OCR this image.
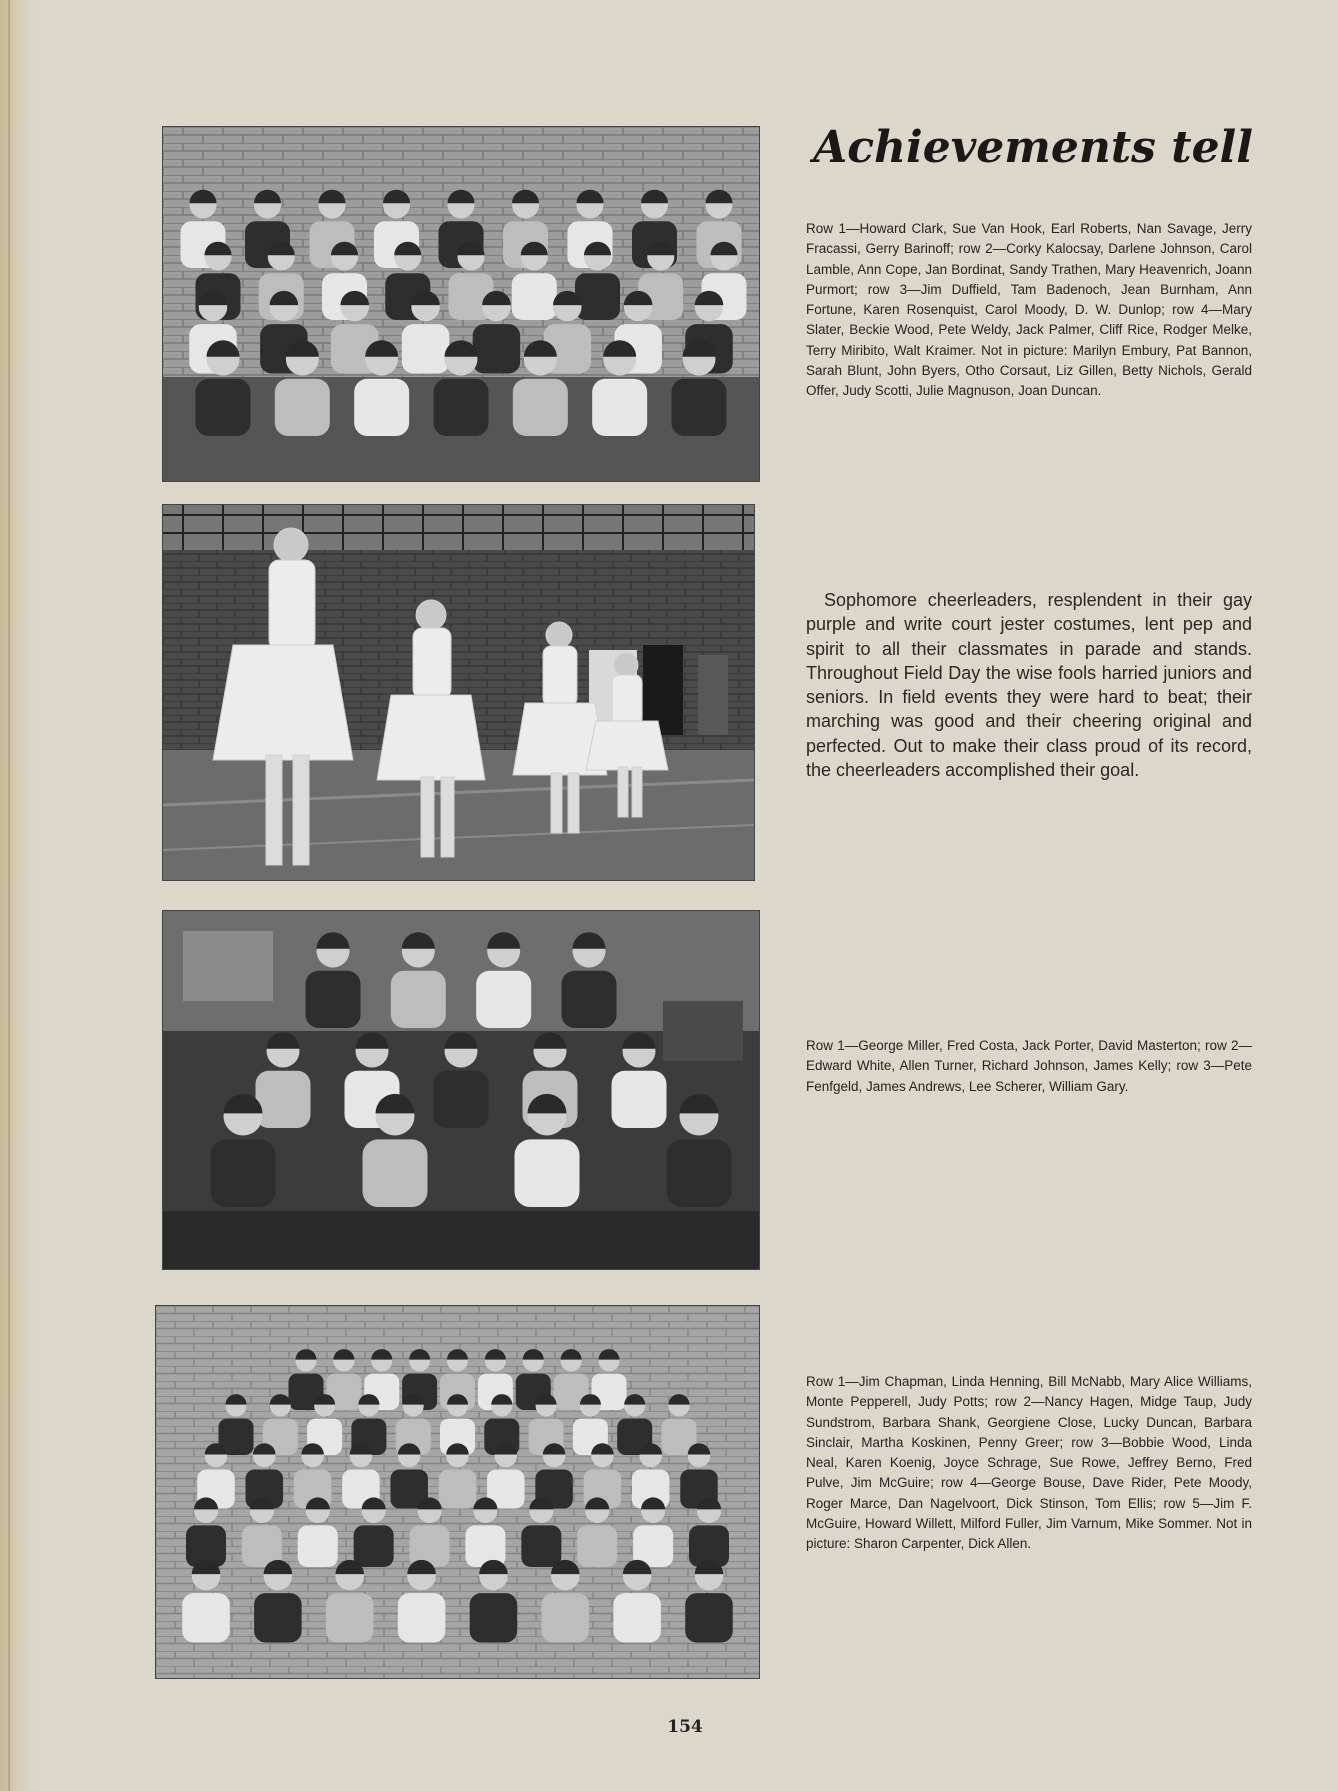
Achievements tell
Row 1—Howard Clark, Sue Van Hook, Earl Roberts, Nan Savage, Jerry Fracassi, Gerry Barinoff; row 2—Corky Kalocsay, Darlene Johnson, Carol Lamble, Ann Cope, Jan Bordinat, Sandy Trathen, Mary Heavenrich, Joann Purmort; row 3—Jim Duffield, Tam Badenoch, Jean Burnham, Ann Fortune, Karen Rosenquist, Carol Moody, D. W. Dunlop; row 4—Mary Slater, Beckie Wood, Pete Weldy, Jack Palmer, Cliff Rice, Rodger Melke, Terry Miribito, Walt Kraimer. Not in picture: Marilyn Embury, Pat Bannon, Sarah Blunt, John Byers, Otho Corsaut, Liz Gillen, Betty Nichols, Gerald Offer, Judy Scotti, Julie Magnuson, Joan Duncan.
Sophomore cheerleaders, resplendent in their gay purple and write court jester costumes, lent pep and spirit to all their classmates in parade and stands. Throughout Field Day the wise fools harried juniors and seniors. In field events they were hard to beat; their marching was good and their cheering original and perfected. Out to make their class proud of its record, the cheerleaders accomplished their goal.
Row 1—George Miller, Fred Costa, Jack Porter, David Masterton; row 2—Edward White, Allen Turner, Richard Johnson, James Kelly; row 3—Pete Fenfgeld, James Andrews, Lee Scherer, William Gary.
Row 1—Jim Chapman, Linda Henning, Bill McNabb, Mary Alice Williams, Monte Pepperell, Judy Potts; row 2—Nancy Hagen, Midge Taup, Judy Sundstrom, Barbara Shank, Georgiene Close, Lucky Duncan, Barbara Sinclair, Martha Koskinen, Penny Greer; row 3—Bobbie Wood, Linda Neal, Karen Koenig, Joyce Schrage, Sue Rowe, Jeffrey Berno, Fred Pulve, Jim McGuire; row 4—George Bouse, Dave Rider, Pete Moody, Roger Marce, Dan Nagelvoort, Dick Stinson, Tom Ellis; row 5—Jim F. McGuire, Howard Willett, Milford Fuller, Jim Varnum, Mike Sommer. Not in picture: Sharon Carpenter, Dick Allen.
154
